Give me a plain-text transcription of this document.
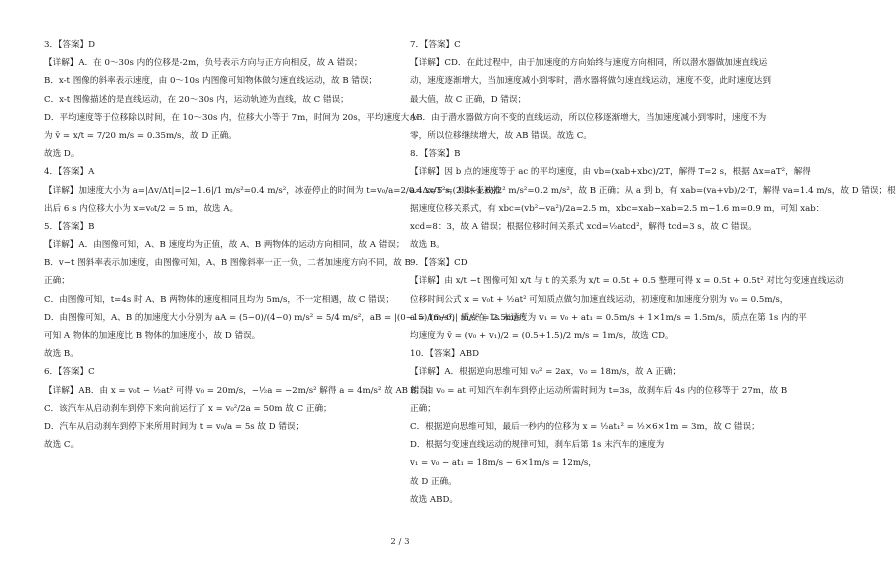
3．【答案】D
【详解】A．在 0～30s 内的位移是-2m，负号表示方向与正方向相反，故 A 错误；
B．x-t 图像的斜率表示速度，由 0～10s 内图像可知物体做匀速直线运动，故 B 错误；
C．x-t 图像描述的是直线运动，在 20～30s 内，运动轨迹为直线，故 C 错误；
D．平均速度等于位移除以时间，在 10～30s 内，位移大小等于 7m，时间为 20s，平均速度大小
为 v̄ = x/t = 7/20 m/s = 0.35m/s，故 D 正确。
故选 D。
4．【答案】A
【详解】加速度大小为 a=|Δv/Δt|=|2−1.6|/1 m/s²=0.4 m/s²，冰壶停止的时间为 t=v₀/a=2/0.4 s=5 s，则冰壶被推
出后 6 s 内位移大小为 x=v₀t/2 = 5 m，故选 A。
5．【答案】B
【详解】A．由图像可知，A、B 速度均为正值，故 A、B 两物体的运动方向相同，故 A 错误；
B．v−t 图斜率表示加速度，由图像可知，A、B 图像斜率一正一负，二者加速度方向不同，故 B
正确；
C．由图像可知，t=4s 时 A、B 两物体的速度相同且均为 5m/s，不一定相遇，故 C 错误；
D．由图像可知，A、B 的加速度大小分别为 aA = (5−0)/(4−0) m/s² = 5/4 m/s²，aB = |(0−15)/(6−0)| m/s² = 2.5m/s²
可知 A 物体的加速度比 B 物体的加速度小，故 D 错误。
故选 B。
6．【答案】C
【详解】AB．由 x = v₀t − ½at² 可得 v₀ = 20m/s，−½a = −2m/s² 解得 a = 4m/s² 故 AB 错误；
C．该汽车从启动刹车到停下来向前运行了 x = v₀²/2a = 50m 故 C 正确；
D．汽车从启动刹车到停下来所用时间为 t = v₀/a = 5s 故 D 错误；
故选 C。
7．【答案】C
【详解】CD．在此过程中，由于加速度的方向始终与速度方向相同，所以潜水器做加速直线运
动，速度逐渐增大，当加速度减小到零时，潜水器将做匀速直线运动，速度不变，此时速度达到
最大值，故 C 正确，D 错误；
AB．由于潜水器做方向不变的直线运动，所以位移逐渐增大，当加速度减小到零时，速度不为
零，所以位移继续增大，故 AB 错误。故选 C。
8．【答案】B
【详解】因 b 点的速度等于 ac 的平均速度，由 vb=(xab+xbc)/2T，解得 T=2 s，根据 Δx=aT²，解得
a=Δx/T²=(2.4−1.6)/2² m/s²=0.2 m/s²，故 B 正确；从 a 到 b，有 xab=(va+vb)/2·T，解得 va=1.4 m/s，故 D 错误；根
据速度位移关系式，有 xbc=(vb²−va²)/2a=2.5 m，xbc=xab−xab=2.5 m−1.6 m=0.9 m，可知 xab：
xcd=8：3，故 A 错误；根据位移时间关系式 xcd=½atcd²，解得 tcd=3 s，故 C 错误。
故选 B。
9．【答案】CD
【详解】由 x/t −t 图像可知 x/t 与 t 的关系为 x/t = 0.5t + 0.5 整理可得 x = 0.5t + 0.5t² 对比匀变速直线运动
位移时间公式 x = v₀t + ½at² 可知质点做匀加速直线运动，初速度和加速度分别为 v₀ = 0.5m/s，
a = 1m/s²，质点在 1s 末速度为 v₁ = v₀ + at₁ = 0.5m/s + 1×1m/s = 1.5m/s，质点在第 1s 内的平
均速度为 v̄ = (v₀ + v₁)/2 = (0.5+1.5)/2 m/s = 1m/s，故选 CD。
10．【答案】ABD
【详解】A．根据逆向思维可知 v₀² = 2ax，v₀ = 18m/s，故 A 正确；
B．由 v₀ = at 可知汽车刹车到停止运动所需时间为 t=3s，故刹车后 4s 内的位移等于 27m，故 B
正确；
C．根据逆向思维可知，最后一秒内的位移为 x = ½at₁² = ½×6×1m = 3m，故 C 错误；
D．根据匀变速直线运动的规律可知，刹车后第 1s 末汽车的速度为
v₁ = v₀ − at₁ = 18m/s − 6×1m/s = 12m/s，
故 D 正确。
故选 ABD。
2 / 3
